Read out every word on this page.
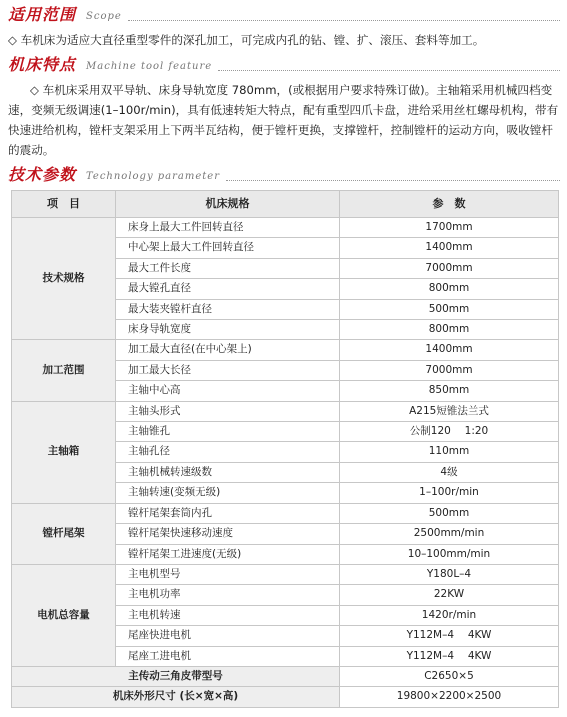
适用范围 Scope
◇ 车机床为适应大直径重型零件的深孔加工，可完成内孔的钻、镗、扩、滚压、套料等加工。
机床特点 Machine tool feature
◇ 车机床采用双平导轨、床身导轨宽度 780mm，(或根据用户要求特殊订做)。主轴箱采用机械四档变速，变频无级调速(1–100r/min)，具有低速转矩大特点，配有重型四爪卡盘，进给采用丝杠螺母机构，带有快速进给机构，镗杆支架采用上下两半瓦结构，便于镗杆更换，支撑镗杆，控制镗杆的运动方向，吸收镗杆的震动。
技术参数 Technology parameter
项　目	机床规格	参　数
技术规格	床身上最大工件回转直径	1700mm
	中心架上最大工件回转直径	1400mm
	最大工件长度	7000mm
	最大镗孔直径	800mm
	最大装夹镗杆直径	500mm
	床身导轨宽度	800mm
加工范围	加工最大直径(在中心架上)	1400mm
	加工最大长径	7000mm
	主轴中心高	850mm
主轴箱	主轴头形式	A215短锥法兰式
	主轴锥孔	公制120　 1:20
	主轴孔径	110mm
	主轴机械转速级数	4级
	主轴转速(变频无级)	1–100r/min
镗杆尾架	镗杆尾架套筒内孔	500mm
	镗杆尾架快速移动速度	2500mm/min
	镗杆尾架工进速度(无级)	10–100mm/min
电机总容量	主电机型号	Y180L–4
	主电机功率	22KW
	主电机转速	1420r/min
	尾座快进电机	Y112M–4　 4KW
	尾座工进电机	Y112M–4　 4KW
主传动三角皮带型号		C2650×5
机床外形尺寸 (长×宽×高)		19800×2200×2500
